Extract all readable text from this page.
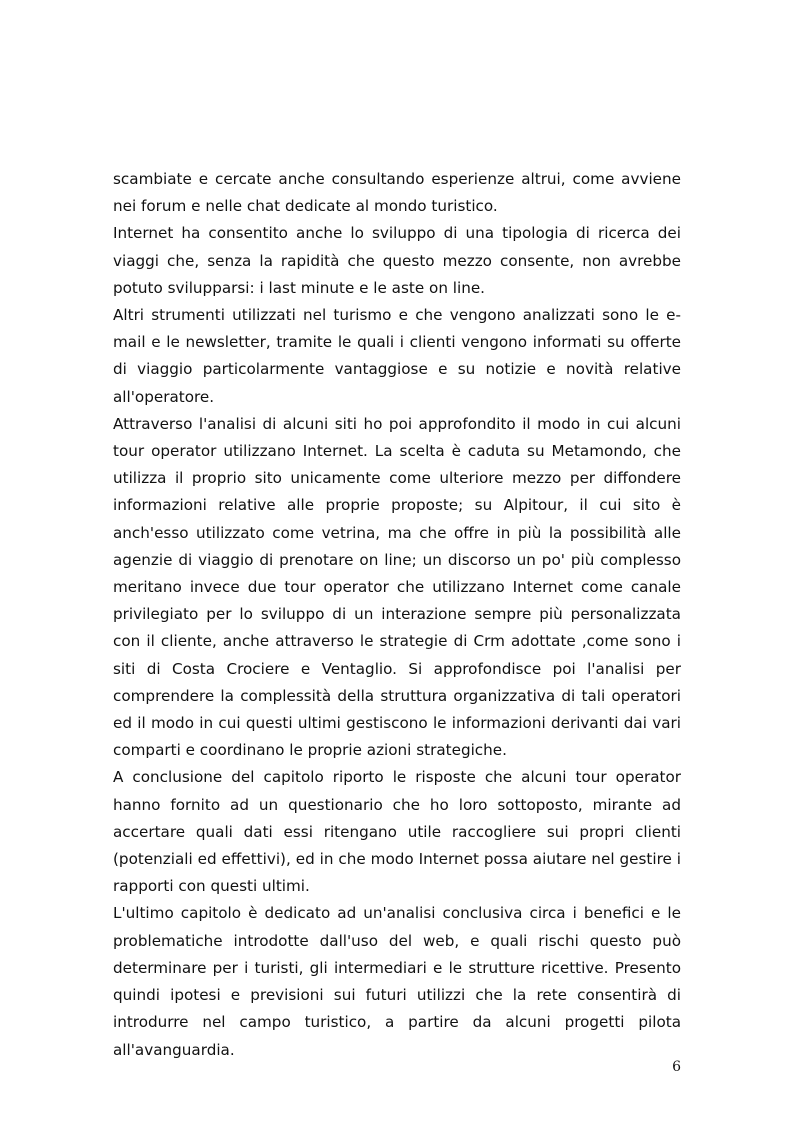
scambiate e cercate anche consultando esperienze altrui, come avviene nei forum e nelle chat dedicate al mondo turistico.

Internet ha consentito anche lo sviluppo di una tipologia di ricerca dei viaggi che, senza la rapidità che questo mezzo consente, non avrebbe potuto svilupparsi: i last minute e le aste on line.

Altri strumenti utilizzati nel turismo e che vengono analizzati sono le e-mail e le newsletter, tramite le quali i clienti vengono informati su offerte di viaggio particolarmente vantaggiose e su notizie e novità relative all'operatore.

Attraverso l'analisi di alcuni siti ho poi approfondito il modo in cui alcuni tour operator utilizzano Internet. La scelta è caduta su Metamondo, che utilizza il proprio sito unicamente come ulteriore mezzo per diffondere informazioni relative alle proprie proposte; su Alpitour, il cui sito è anch'esso utilizzato come vetrina, ma che offre in più la possibilità alle agenzie di viaggio di prenotare on line; un discorso un po' più complesso meritano invece due tour operator che utilizzano Internet come canale privilegiato per lo sviluppo di un interazione sempre più personalizzata con il cliente, anche attraverso le strategie di Crm adottate ,come sono i siti di Costa Crociere e Ventaglio. Si approfondisce poi l'analisi per comprendere la complessità della struttura organizzativa di tali operatori ed il modo in cui questi ultimi gestiscono le informazioni derivanti dai vari comparti e coordinano le proprie azioni strategiche.

A conclusione del capitolo riporto le risposte che alcuni tour operator hanno fornito ad un questionario che ho loro sottoposto, mirante ad accertare quali dati essi ritengano utile raccogliere sui propri clienti (potenziali ed effettivi), ed in che modo Internet possa aiutare nel gestire i rapporti con questi ultimi.

L'ultimo capitolo è dedicato ad un'analisi conclusiva circa i benefici e le problematiche introdotte dall'uso del web, e quali rischi questo può determinare per i turisti, gli intermediari e le strutture ricettive. Presento quindi ipotesi e previsioni sui futuri utilizzi che la rete consentirà di introdurre nel campo turistico, a partire da alcuni progetti pilota all'avanguardia.

6
